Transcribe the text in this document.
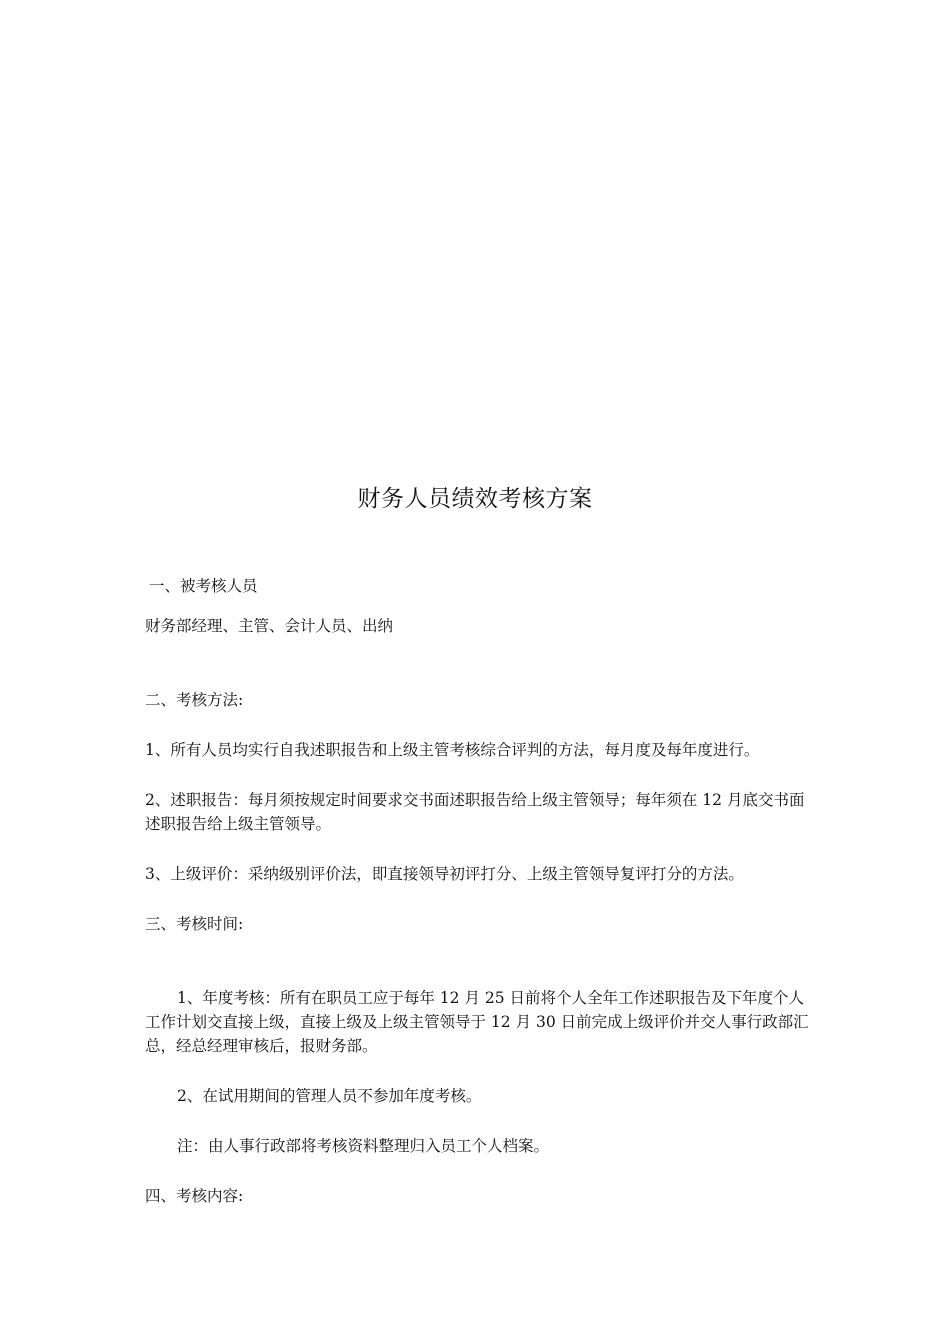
财务人员绩效考核方案

一、被考核人员

财务部经理、主管、会计人员、出纳

二、考核方法:

1、所有人员均实行自我述职报告和上级主管考核综合评判的方法，每月度及每年度进行。

2、述职报告：每月须按规定时间要求交书面述职报告给上级主管领导；每年须在 12 月底交书面述职报告给上级主管领导。

3、上级评价：采纳级别评价法，即直接领导初评打分、上级主管领导复评打分的方法。

三、考核时间:

1、年度考核：所有在职员工应于每年 12 月 25 日前将个人全年工作述职报告及下年度个人工作计划交直接上级，直接上级及上级主管领导于 12 月 30 日前完成上级评价并交人事行政部汇总，经总经理审核后，报财务部。

2、在试用期间的管理人员不参加年度考核。

注：由人事行政部将考核资料整理归入员工个人档案。

四、考核内容:
